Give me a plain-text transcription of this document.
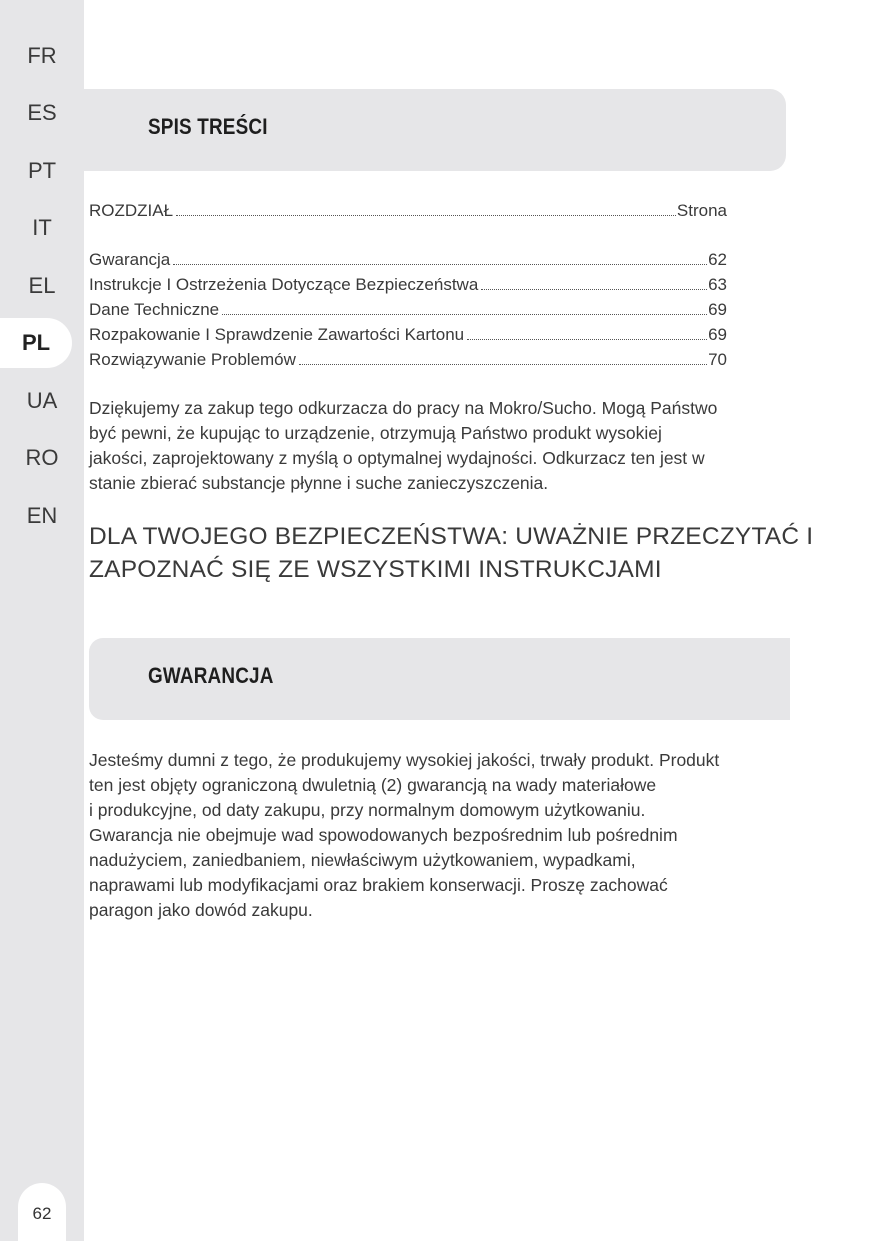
FR
ES
PT
IT
EL
PL
UA
RO
EN
62
SPIS TREŚCI
ROZDZIAŁ	Strona
Gwarancja	62
Instrukcje I Ostrzeżenia Dotyczące Bezpieczeństwa	63
Dane Techniczne	69
Rozpakowanie I Sprawdzenie Zawartości Kartonu	69
Rozwiązywanie Problemów	70
Dziękujemy za zakup tego odkurzacza do pracy na Mokro/Sucho. Mogą Państwo
być pewni, że kupując to urządzenie, otrzymują Państwo produkt wysokiej
jakości, zaprojektowany z myślą o optymalnej wydajności. Odkurzacz ten jest w
stanie zbierać substancje płynne i suche zanieczyszczenia.
DLA TWOJEGO BEZPIECZEŃSTWA: UWAŻNIE PRZECZYTAĆ I
ZAPOZNAĆ SIĘ ZE WSZYSTKIMI INSTRUKCJAMI
GWARANCJA
Jesteśmy dumni z tego, że produkujemy wysokiej jakości, trwały produkt. Produkt
ten jest objęty ograniczoną dwuletnią (2) gwarancją na wady materiałowe
i produkcyjne, od daty zakupu, przy normalnym domowym użytkowaniu.
Gwarancja nie obejmuje wad spowodowanych bezpośrednim lub pośrednim
nadużyciem, zaniedbaniem, niewłaściwym użytkowaniem, wypadkami,
naprawami lub modyfikacjami oraz brakiem konserwacji. Proszę zachować
paragon jako dowód zakupu.
